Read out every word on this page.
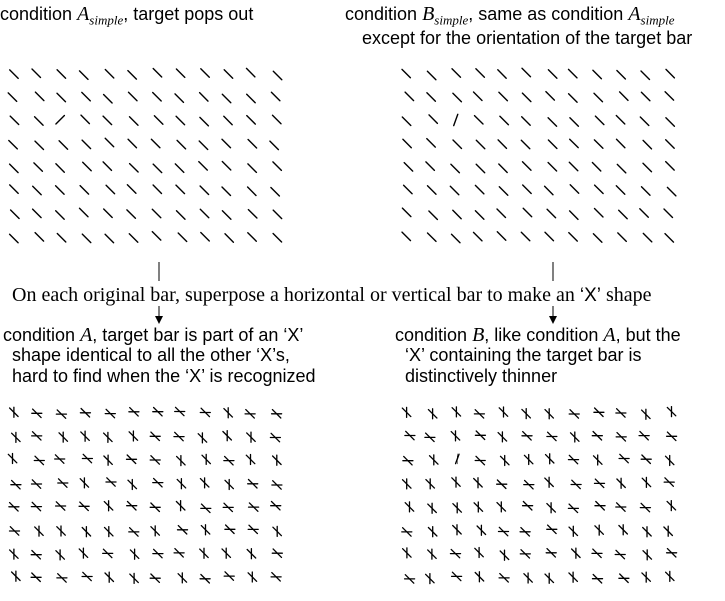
condition $A_{simple}$, target pops out	condition $B_{simple}$, same as condition $A_{simple}$
except for the orientation of the target bar
On each original bar, superpose a horizontal or vertical bar to make an ‘X’ shape
condition A, target bar is part of an ‘X’
shape identical to all the other ‘X’s,
hard to find when the ‘X’ is recognized
condition B, like condition A, but the
‘X’ containing the target bar is
distinctively thinner
